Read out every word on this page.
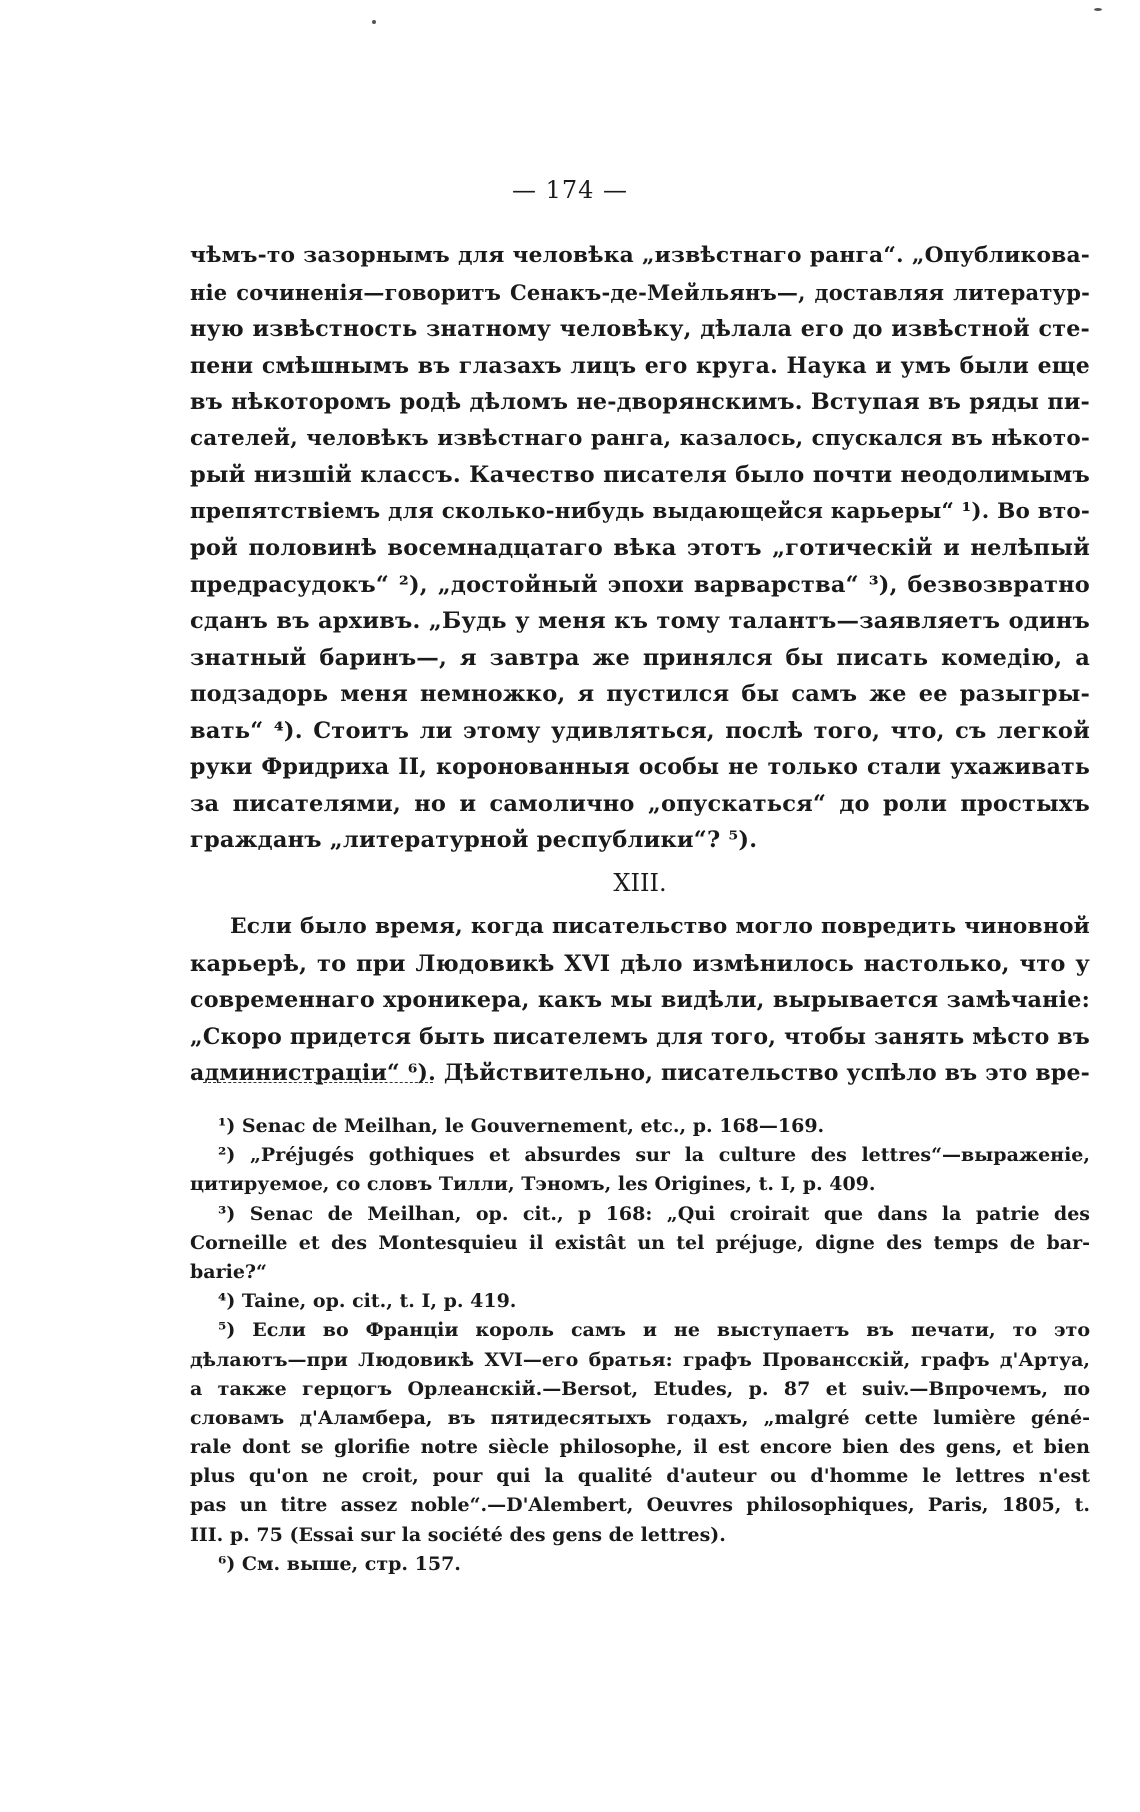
— 174 —
чѣмъ-то зазорнымъ для человѣка „извѣстнаго ранга“. „Опубликова-
ніе сочиненія—говоритъ Сенакъ-де-Мейльянъ—, доставляя литератур-
ную извѣстность знатному человѣку, дѣлала его до извѣстной сте-
пени смѣшнымъ въ глазахъ лицъ его круга. Наука и умъ были еще
въ нѣкоторомъ родѣ дѣломъ не-дворянскимъ. Вступая въ ряды пи-
сателей, человѣкъ извѣстнаго ранга, казалось, спускался въ нѣкото-
рый низшій классъ. Качество писателя было почти неодолимымъ
препятствіемъ для сколько-нибудь выдающейся карьеры“ ¹). Во вто-
рой половинѣ восемнадцатаго вѣка этотъ „готическій и нелѣпый
предрасудокъ“ ²), „достойный эпохи варварства“ ³), безвозвратно
сданъ въ архивъ. „Будь у меня къ тому талантъ—заявляетъ одинъ
знатный баринъ—, я завтра же принялся бы писать комедію, а
подзадорь меня немножко, я пустился бы самъ же ее разыгры-
вать“ ⁴). Стоитъ ли этому удивляться, послѣ того, что, съ легкой
руки Фридриха II, коронованныя особы не только стали ухаживать
за писателями, но и самолично „опускаться“ до роли простыхъ
гражданъ „литературной республики“? ⁵).
XIII.
Если было время, когда писательство могло повредить чиновной
карьерѣ, то при Людовикѣ XVI дѣло измѣнилось настолько, что у
современнаго хроникера, какъ мы видѣли, вырывается замѣчаніе:
„Скоро придется быть писателемъ для того, чтобы занять мѣсто въ
администраціи“ ⁶). Дѣйствительно, писательство успѣло въ это вре-
¹) Senac de Meilhan, le Gouvernement, etc., p. 168—169.
²) „Préjugés gothiques et absurdes sur la culture des lettres“—выраженіе,
цитируемое, со словъ Тилли, Тэномъ, les Origines, t. I, p. 409.
³) Senac de Meilhan, op. cit., p 168: „Qui croirait que dans la patrie des
Corneille et des Montesquieu il existât un tel préjuge, digne des temps de bar-
barie?“
⁴) Taine, op. cit., t. I, p. 419.
⁵) Если во Франціи король самъ и не выступаетъ въ печати, то это
дѣлаютъ—при Людовикѣ XVI—его братья: графъ Провансскій, графъ д'Артуа,
а также герцогъ Орлеанскій.—Bersot, Etudes, p. 87 et suiv.—Впрочемъ, по
словамъ д'Аламбера, въ пятидесятыхъ годахъ, „malgré cette lumière géné-
rale dont se glorifie notre siècle philosophe, il est encore bien des gens, et bien
plus qu'on ne croit, pour qui la qualité d'auteur ou d'homme le lettres n'est
pas un titre assez noble“.—D'Alembert, Oeuvres philosophiques, Paris, 1805, t.
III. p. 75 (Essai sur la société des gens de lettres).
⁶) См. выше, стр. 157.
